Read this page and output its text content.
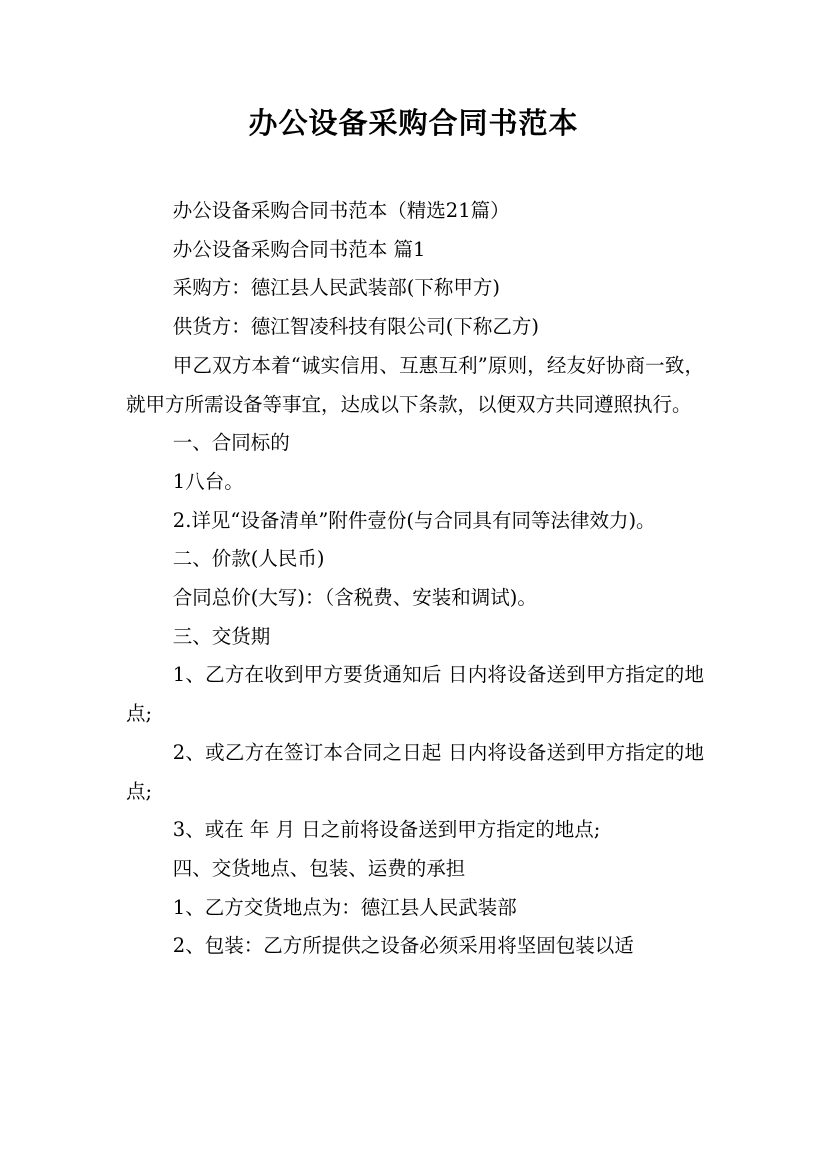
办公设备采购合同书范本

办公设备采购合同书范本（精选21篇）

办公设备采购合同书范本 篇1

采购方：德江县人民武装部(下称甲方)

供货方：德江智凌科技有限公司(下称乙方)

甲乙双方本着“诚实信用、互惠互利”原则，经友好协商一致，就甲方所需设备等事宜，达成以下条款，以便双方共同遵照执行。

一、合同标的

1八台。

2.详见“设备清单”附件壹份(与合同具有同等法律效力)。

二、价款(人民币)

合同总价(大写)：（含税费、安装和调试)。

三、交货期

1、乙方在收到甲方要货通知后 日内将设备送到甲方指定的地点;

2、或乙方在签订本合同之日起 日内将设备送到甲方指定的地点;

3、或在 年 月 日之前将设备送到甲方指定的地点;

四、交货地点、包装、运费的承担

1、乙方交货地点为：德江县人民武装部

2、包装：乙方所提供之设备必须采用将坚固包装以适
